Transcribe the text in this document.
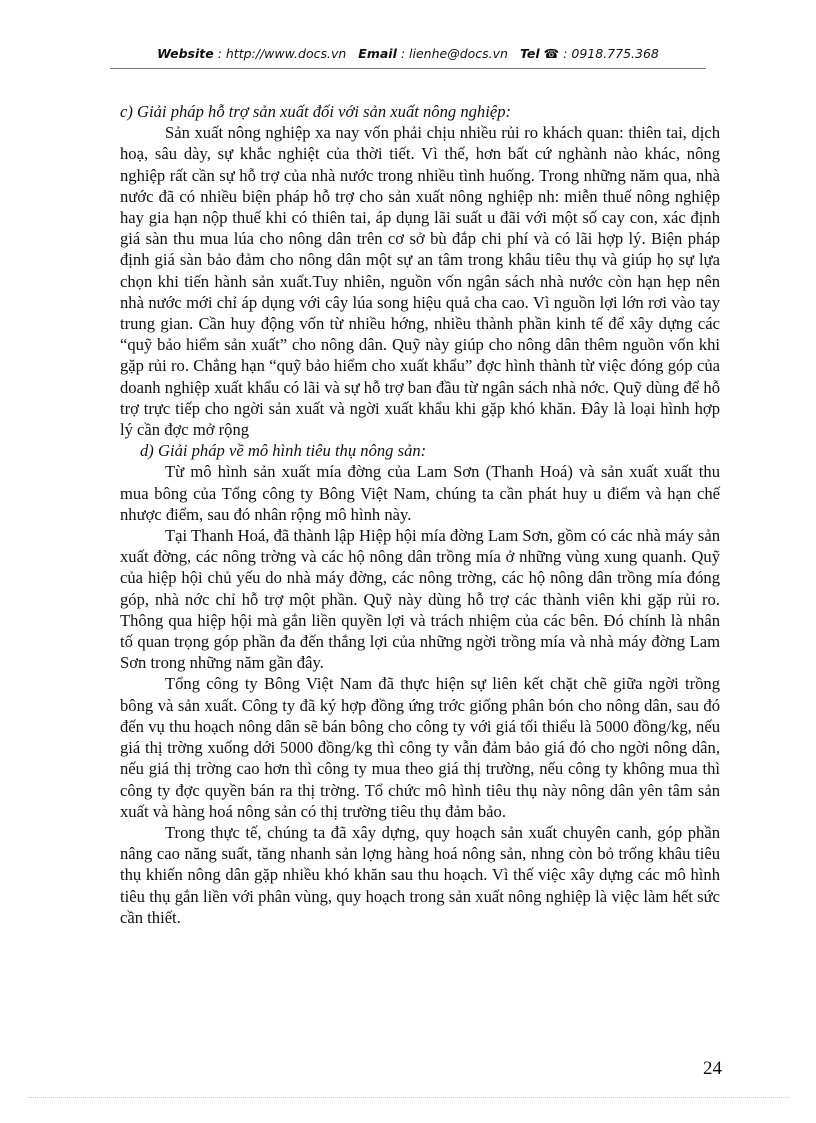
Website : http://www.docs.vn Email : lienhe@docs.vn Tel ☎ : 0918.775.368

c) Giải pháp hỗ trợ sản xuất đối với sản xuất nông nghiệp:

Sản xuất nông nghiệp xa nay vốn phải chịu nhiều rủi ro khách quan: thiên tai, dịch hoạ, sâu dày, sự khắc nghiệt của thời tiết. Vì thế, hơn bất cứ nghành nào khác, nông nghiệp rất cần sự hỗ trợ của nhà nước trong nhiều tình huống. Trong những năm qua, nhà nước đã có nhiều biện pháp hỗ trợ cho sản xuất nông nghiệp nh: miễn thuế nông nghiệp hay gia hạn nộp thuế khi có thiên tai, áp dụng lãi suất u đãi với một số cay con, xác định giá sàn thu mua lúa cho nông dân trên cơ sở bù đắp chi phí và có lãi hợp lý. Biện pháp định giá sàn bảo đảm cho nông dân một sự an tâm trong khâu tiêu thụ và giúp họ sự lựa chọn khi tiến hành sản xuất.Tuy nhiên, nguồn vốn ngân sách nhà nước còn hạn hẹp nên nhà nước mới chỉ áp dụng với cây lúa song hiệu quả cha cao. Vì nguồn lợi lớn rơi vào tay trung gian. Cần huy động vốn từ nhiều hớng, nhiều thành phần kinh tế để xây dựng các “quỹ bảo hiểm sản xuất” cho nông dân. Quỹ này giúp cho nông dân thêm nguồn vốn khi gặp rủi ro. Chẳng hạn “quỹ bảo hiểm cho xuất khẩu” đợc hình thành từ việc đóng góp của doanh nghiệp xuất khẩu có lãi và sự hỗ trợ ban đầu từ ngân sách nhà nớc. Quỹ dùng để hỗ trợ trực tiếp cho ngời sản xuất và ngời xuất khẩu khi gặp khó khăn. Đây là loại hình hợp lý cần đợc mở rộng

d) Giải pháp về mô hình tiêu thụ nông sản:

Từ mô hình sản xuất mía đờng của Lam Sơn (Thanh Hoá) và sản xuất xuất thu mua bông của Tổng công ty Bông Việt Nam, chúng ta cần phát huy u điểm và hạn chế nhược điểm, sau đó nhân rộng mô hình này.

Tại Thanh Hoá, đã thành lập Hiệp hội mía đờng Lam Sơn, gồm có các nhà máy sản xuất đờng, các nông trờng và các hộ nông dân trồng mía ở những vùng xung quanh. Quỹ của hiệp hội chủ yếu do nhà máy đờng, các nông trờng, các hộ nông dân trồng mía đóng góp, nhà nớc chỉ hỗ trợ một phần. Quỹ này dùng hỗ trợ các thành viên khi gặp rủi ro. Thông qua hiệp hội mà gắn liền quyền lợi và trách nhiệm của các bên. Đó chính là nhân tố quan trọng góp phần đa đến thắng lợi của những ngời trồng mía và nhà máy đờng Lam Sơn trong những năm gần đây.

Tổng công ty Bông Việt Nam đã thực hiện sự liên kết chặt chẽ giữa ngời trồng bông và sản xuất. Công ty đã ký hợp đồng ứng trớc giống phân bón cho nông dân, sau đó đến vụ thu hoạch nông dân sẽ bán bông cho công ty với giá tối thiểu là 5000 đồng/kg, nếu giá thị trờng xuống dới 5000 đồng/kg thì công ty vẫn đảm bảo giá đó cho ngời nông dân, nếu giá thị trờng cao hơn thì công ty mua theo giá thị trường, nếu công ty không mua thì công ty đợc quyền bán ra thị trờng. Tổ chức mô hình tiêu thụ này nông dân yên tâm sản xuất và hàng hoá nông sản có thị trường tiêu thụ đảm bảo.

Trong thực tế, chúng ta đã xây dựng, quy hoạch sản xuất chuyên canh, góp phần nâng cao năng suất, tăng nhanh sản lợng hàng hoá nông sản, nhng còn bỏ trống khâu tiêu thụ khiến nông dân gặp nhiều khó khăn sau thu hoạch. Vì thế việc xây dựng các mô hình tiêu thụ gắn liền với phân vùng, quy hoạch trong sản xuất nông nghiệp là việc làm hết sức cần thiết.

24
